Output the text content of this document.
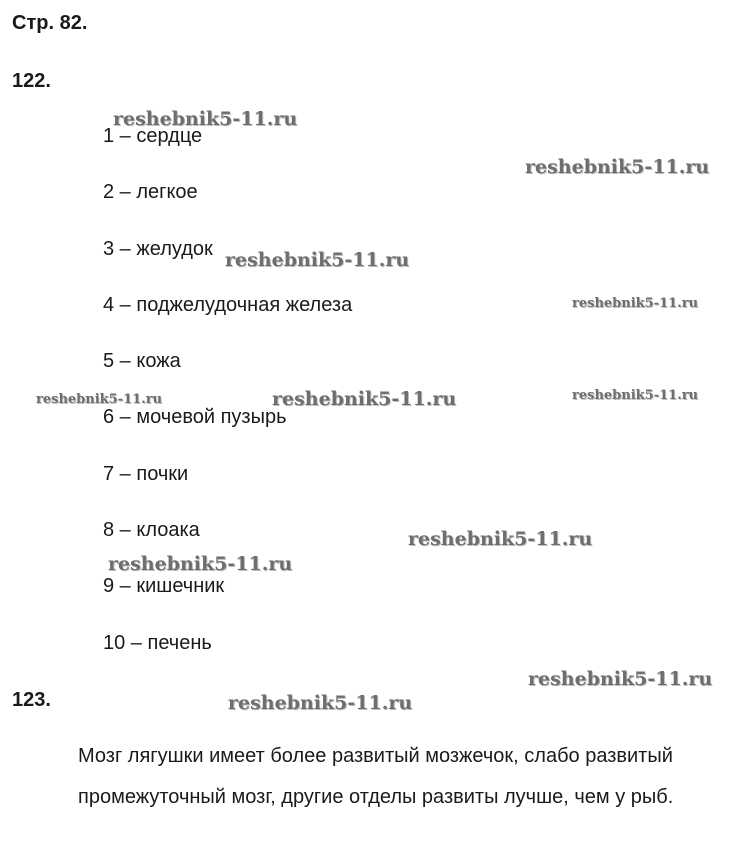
Стр. 82.
122.
1 – сердце
2 – легкое
3 – желудок
4 – поджелудочная железа
5 – кожа
6 – мочевой пузырь
7 – почки
8 – клоака
9 – кишечник
10 – печень
123.

Мозг лягушки имеет более развитый мозжечок, слабо развитый промежуточный мозг, другие отделы развиты лучше, чем у рыб.

reshebnik5-11.ru
reshebnik5-11.ru
reshebnik5-11.ru
reshebnik5-11.ru
reshebnik5-11.ru	reshebnik5-11.ru	reshebnik5-11.ru
reshebnik5-11.ru
reshebnik5-11.ru
reshebnik5-11.ru
reshebnik5-11.ru
